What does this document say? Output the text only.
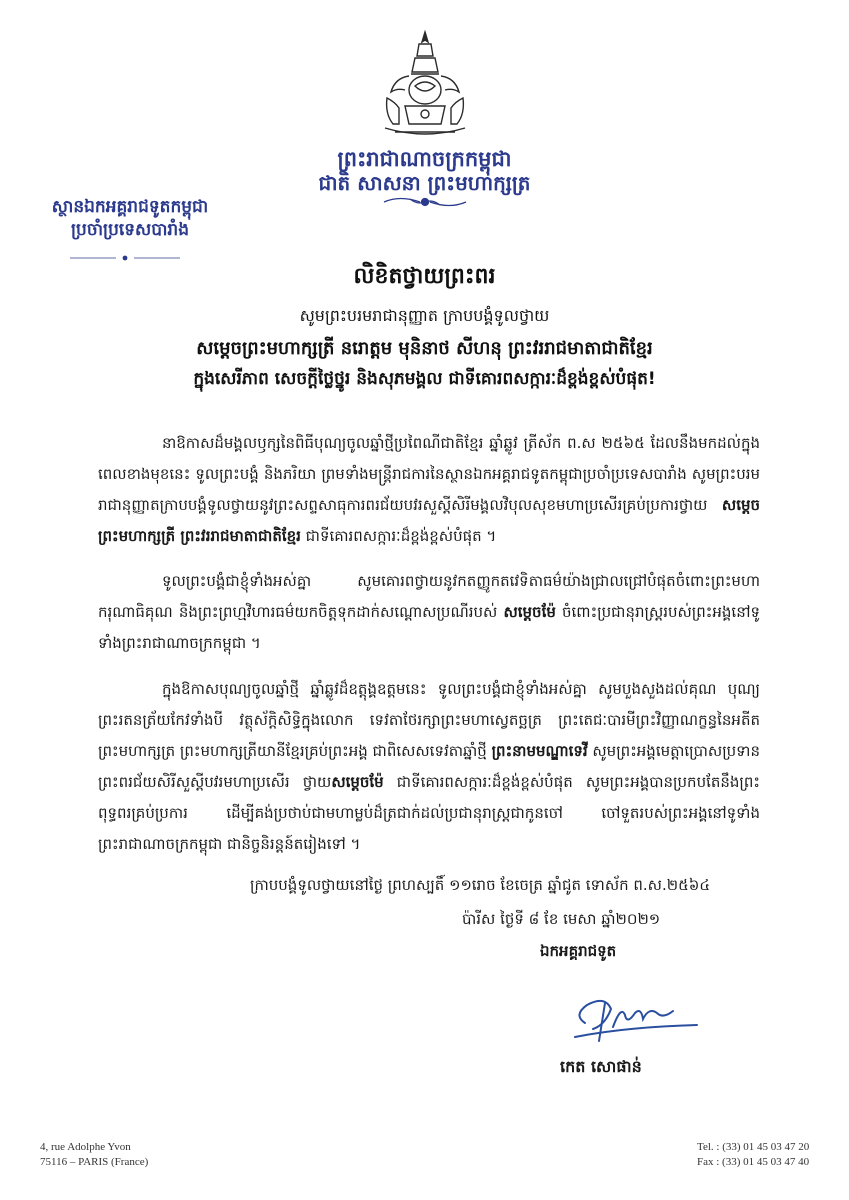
ព្រះរាជាណាចក្រកម្ពុជា
ជាតិ សាសនា ព្រះមហាក្សត្រ
ស្ថានឯកអគ្គរាជទូតកម្ពុជា
ប្រចាំប្រទេសបារាំង
លិខិតថ្វាយព្រះពរ
សូមព្រះបរមរាជានុញ្ញាត ក្រាបបង្គំទូលថ្វាយ
សម្តេចព្រះមហាក្សត្រី នរោត្តម មុនិនាថ សីហនុ ព្រះវររាជមាតាជាតិខ្មែរ
ក្នុងសេរីភាព សេចក្តីថ្លៃថ្នូរ និងសុភមង្គល ជាទីគោរពសក្ការៈដ៏ខ្ពង់ខ្ពស់បំផុត!

នាឱកាសដ៏មង្គលឫក្សនៃពិធីបុណ្យចូលឆ្នាំថ្មីប្រពៃណីជាតិខ្មែរ ឆ្នាំឆ្លូវ ត្រីស័ក ព.ស ២៥៦៥ ដែលនឹងមកដល់ក្នុងពេលខាងមុខនេះ ទូលព្រះបង្គំ និងភរិយា ព្រមទាំងមន្ត្រីរាជការនៃស្ថានឯកអគ្គរាជទូតកម្ពុជាប្រចាំប្រទេសបារាំង សូមព្រះបរមរាជានុញ្ញាតក្រាបបង្គំទូលថ្វាយនូវព្រះសព្ទសាធុការពរជ័យបវរសួស្តីសិរីមង្គលវិបុលសុខមហាប្រសើរគ្រប់ប្រការថ្វាយ សម្តេចព្រះមហាក្សត្រី ព្រះវររាជមាតាជាតិខ្មែរ ជាទីគោរពសក្ការៈដ៏ខ្ពង់ខ្ពស់បំផុត ។

ទូលព្រះបង្គំជាខ្ញុំទាំងអស់គ្នា សូមគោរពថ្វាយនូវកតញ្ញូកតវេទិតាធម៌យ៉ាងជ្រាលជ្រៅបំផុតចំពោះព្រះមហាករុណាធិគុណ និងព្រះព្រហ្មវិហារធម៌យកចិត្តទុកដាក់សណ្តោសប្រណីរបស់ សម្តេចម៉ែ ចំពោះប្រជានុរាស្ត្ររបស់ព្រះអង្គនៅទូទាំងព្រះរាជាណាចក្រកម្ពុជា ។

ក្នុងឱកាសបុណ្យចូលឆ្នាំថ្មី ឆ្នាំឆ្លូវដ៏ឧត្តុង្គឧត្តមនេះ ទូលព្រះបង្គំជាខ្ញុំទាំងអស់គ្នា សូមបួងសួងដល់គុណ បុណ្យព្រះរតនត្រ័យកែវទាំងបី វត្ថុស័ក្តិសិទ្ធិក្នុងលោក ទេវតាថែរក្សាព្រះមហាស្វេតច្ឆត្រ ព្រះតេជៈបារមីព្រះវិញ្ញាណក្ខន្ធនៃអតីតព្រះមហាក្សត្រ ព្រះមហាក្សត្រីយានីខ្មែរគ្រប់ព្រះអង្គ ជាពិសេសទេវតាឆ្នាំថ្មី ព្រះនាមមណ្ឌាទេវី សូមព្រះអង្គមេត្តាប្រោសប្រទានព្រះពរជ័យសិរីសួស្តីបវរមហាប្រសើរ ថ្វាយសម្តេចម៉ែ ជាទីគោរពសក្ការៈដ៏ខ្ពង់ខ្ពស់បំផុត សូមព្រះអង្គបានប្រកបតែនឹងព្រះពុទ្ធពរគ្រប់ប្រការ ដើម្បីគង់ប្រថាប់ជាមហាម្លប់ដ៏ត្រជាក់ដល់ប្រជានុរាស្ត្រជាកូនចៅ ចៅទួតរបស់ព្រះអង្គនៅទូទាំងព្រះរាជាណាចក្រកម្ពុជា ជានិច្ចនិរន្តន៍តរៀងទៅ ។

ក្រាបបង្គំទូលថ្វាយនៅថ្ងៃ ព្រហស្បតិ៍ ១១រោច ខែចេត្រ ឆ្នាំជូត ទោស័ក ព.ស.២៥៦៤
ប៉ារីស ថ្ងៃទី ៨ ខែ មេសា ឆ្នាំ២០២១
ឯកអគ្គរាជទូត
កេត សោផាន់
4, rue Adolphe Yvon
75116 – PARIS (France)
Tel. : (33) 01 45 03 47 20
Fax : (33) 01 45 03 47 40
